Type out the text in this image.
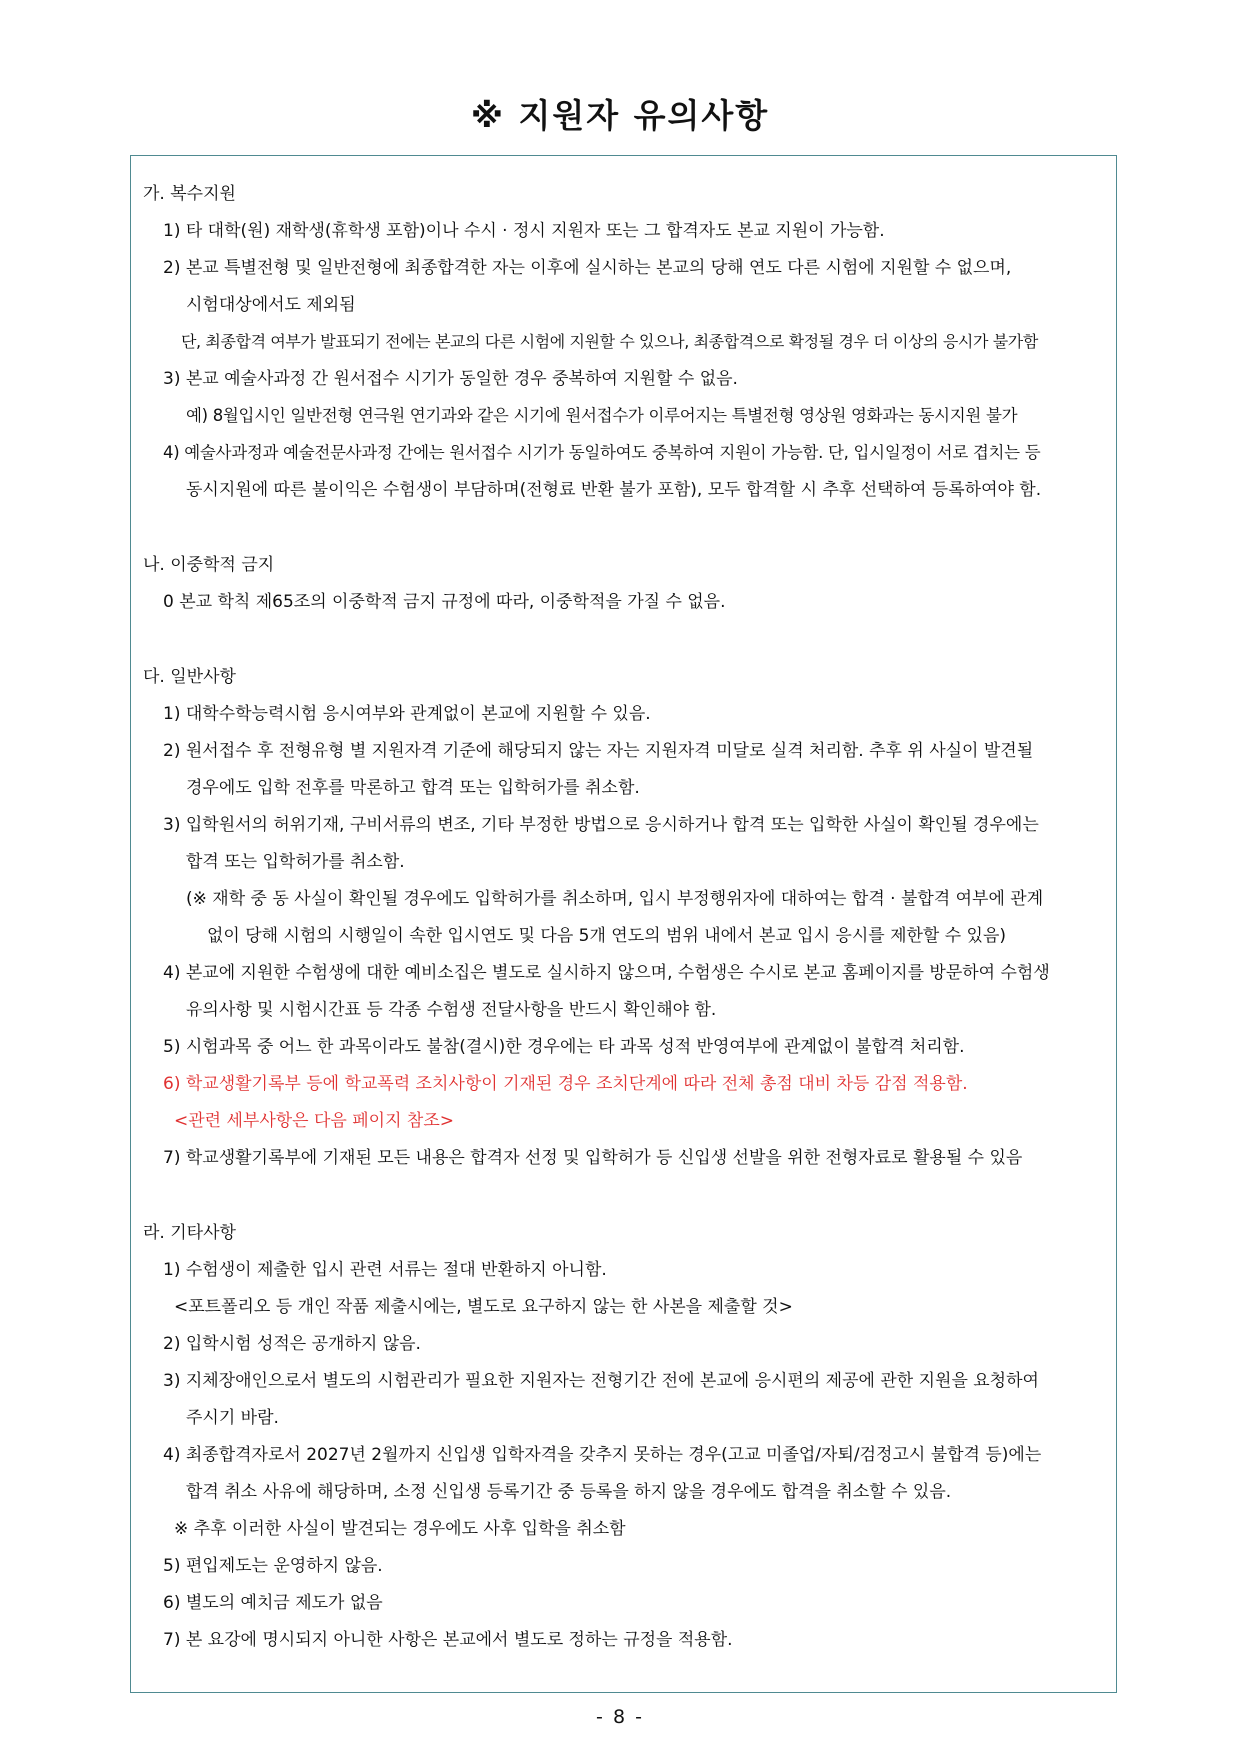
※ 지원자 유의사항
가. 복수지원
1) 타 대학(원) 재학생(휴학생 포함)이나 수시 · 정시 지원자 또는 그 합격자도 본교 지원이 가능함.
2) 본교 특별전형 및 일반전형에 최종합격한 자는 이후에 실시하는 본교의 당해 연도 다른 시험에 지원할 수 없으며,
시험대상에서도 제외됨
단, 최종합격 여부가 발표되기 전에는 본교의 다른 시험에 지원할 수 있으나, 최종합격으로 확정될 경우 더 이상의 응시가 불가함
3) 본교 예술사과정 간 원서접수 시기가 동일한 경우 중복하여 지원할 수 없음.
예) 8월입시인 일반전형 연극원 연기과와 같은 시기에 원서접수가 이루어지는 특별전형 영상원 영화과는 동시지원 불가
4) 예술사과정과 예술전문사과정 간에는 원서접수 시기가 동일하여도 중복하여 지원이 가능함. 단, 입시일정이 서로 겹치는 등
동시지원에 따른 불이익은 수험생이 부담하며(전형료 반환 불가 포함), 모두 합격할 시 추후 선택하여 등록하여야 함.
나. 이중학적 금지
0 본교 학칙 제65조의 이중학적 금지 규정에 따라, 이중학적을 가질 수 없음.
다. 일반사항
1) 대학수학능력시험 응시여부와 관계없이 본교에 지원할 수 있음.
2) 원서접수 후 전형유형 별 지원자격 기준에 해당되지 않는 자는 지원자격 미달로 실격 처리함. 추후 위 사실이 발견될
경우에도 입학 전후를 막론하고 합격 또는 입학허가를 취소함.
3) 입학원서의 허위기재, 구비서류의 변조, 기타 부정한 방법으로 응시하거나 합격 또는 입학한 사실이 확인될 경우에는
합격 또는 입학허가를 취소함.
(※ 재학 중 동 사실이 확인될 경우에도 입학허가를 취소하며, 입시 부정행위자에 대하여는 합격 · 불합격 여부에 관계
없이 당해 시험의 시행일이 속한 입시연도 및 다음 5개 연도의 범위 내에서 본교 입시 응시를 제한할 수 있음)
4) 본교에 지원한 수험생에 대한 예비소집은 별도로 실시하지 않으며, 수험생은 수시로 본교 홈페이지를 방문하여 수험생
유의사항 및 시험시간표 등 각종 수험생 전달사항을 반드시 확인해야 함.
5) 시험과목 중 어느 한 과목이라도 불참(결시)한 경우에는 타 과목 성적 반영여부에 관계없이 불합격 처리함.
6) 학교생활기록부 등에 학교폭력 조치사항이 기재된 경우 조치단계에 따라 전체 총점 대비 차등 감점 적용함.
<관련 세부사항은 다음 페이지 참조>
7) 학교생활기록부에 기재된 모든 내용은 합격자 선정 및 입학허가 등 신입생 선발을 위한 전형자료로 활용될 수 있음
라. 기타사항
1) 수험생이 제출한 입시 관련 서류는 절대 반환하지 아니함.
<포트폴리오 등 개인 작품 제출시에는, 별도로 요구하지 않는 한 사본을 제출할 것>
2) 입학시험 성적은 공개하지 않음.
3) 지체장애인으로서 별도의 시험관리가 필요한 지원자는 전형기간 전에 본교에 응시편의 제공에 관한 지원을 요청하여
주시기 바람.
4) 최종합격자로서 2027년 2월까지 신입생 입학자격을 갖추지 못하는 경우(고교 미졸업/자퇴/검정고시 불합격 등)에는
합격 취소 사유에 해당하며, 소정 신입생 등록기간 중 등록을 하지 않을 경우에도 합격을 취소할 수 있음.
※ 추후 이러한 사실이 발견되는 경우에도 사후 입학을 취소함
5) 편입제도는 운영하지 않음.
6) 별도의 예치금 제도가 없음
7) 본 요강에 명시되지 아니한 사항은 본교에서 별도로 정하는 규정을 적용함.
- 8 -
